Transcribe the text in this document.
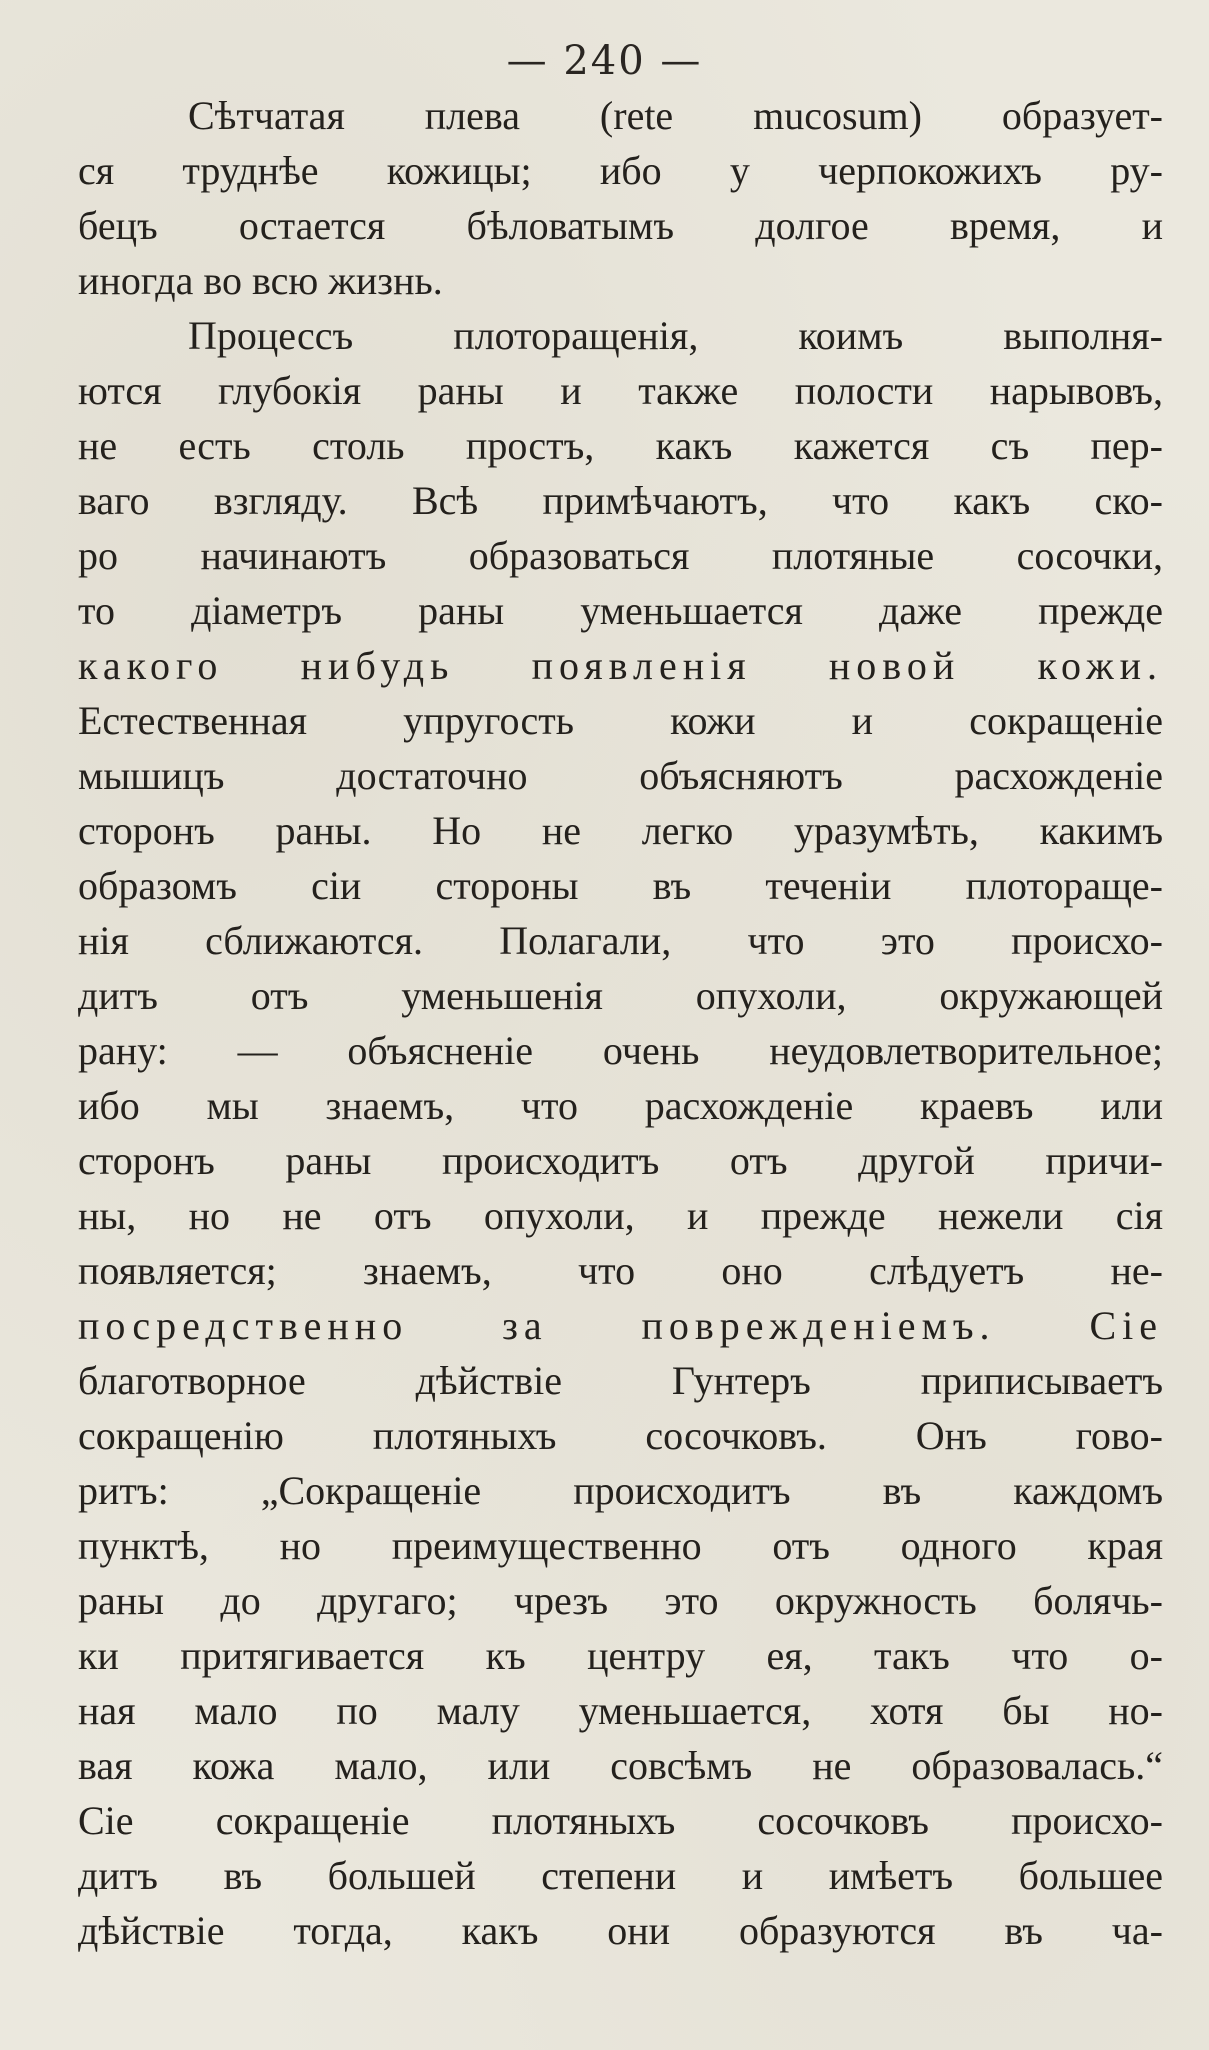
— 240 —
Сѣтчатая плева (rete mucosum) образует-
ся труднѣе кожицы; ибо у черпокожихъ ру-
бецъ остается бѣловатымъ долгое время, и
иногда во всю жизнь.
Процессъ плоторащенія, коимъ выполня-
ются глубокія раны и также полости нарывовъ,
не есть столь простъ, какъ кажется съ пер-
ваго взгляду. Всѣ примѣчаютъ, что какъ ско-
ро начинаютъ образоваться плотяные сосочки,
то діаметръ раны уменьшается даже прежде
какого нибудь появленія новой кожи.
Естественная упругость кожи и сокращеніе
мышицъ достаточно объясняютъ расхожденіе
сторонъ раны. Но не легко уразумѣть, какимъ
образомъ сіи стороны въ теченіи плоторащe-
нія сближаются. Полагали, что это происхо-
дитъ отъ уменьшенія опухоли, окружающей
рану: — объясненіе очень неудовлетворительное;
ибо мы знаемъ, что расхожденіе краевъ или
сторонъ раны происходитъ отъ другой причи-
ны, но не отъ опухоли, и прежде нежели сія
появляется; знаемъ, что оно слѣдуетъ не-
посредственно за поврежденіемъ. Сіе
благотворное дѣйствіе Гунтеръ приписываетъ
сокращенію плотяныхъ сосочковъ. Онъ гово-
ритъ: „Сокращеніе происходитъ въ каждомъ
пунктѣ, но преимущественно отъ одного края
раны до другаго; чрезъ это окружность болячь-
ки притягивается къ центру ея, такъ что о-
ная мало по малу уменьшается, хотя бы но-
вая кожа мало, или совсѣмъ не образовалась.“
Сіе сокращеніе плотяныхъ сосочковъ происхо-
дитъ въ большей степени и имѣетъ большее
дѣйствіе тогда, какъ они образуются въ ча-
